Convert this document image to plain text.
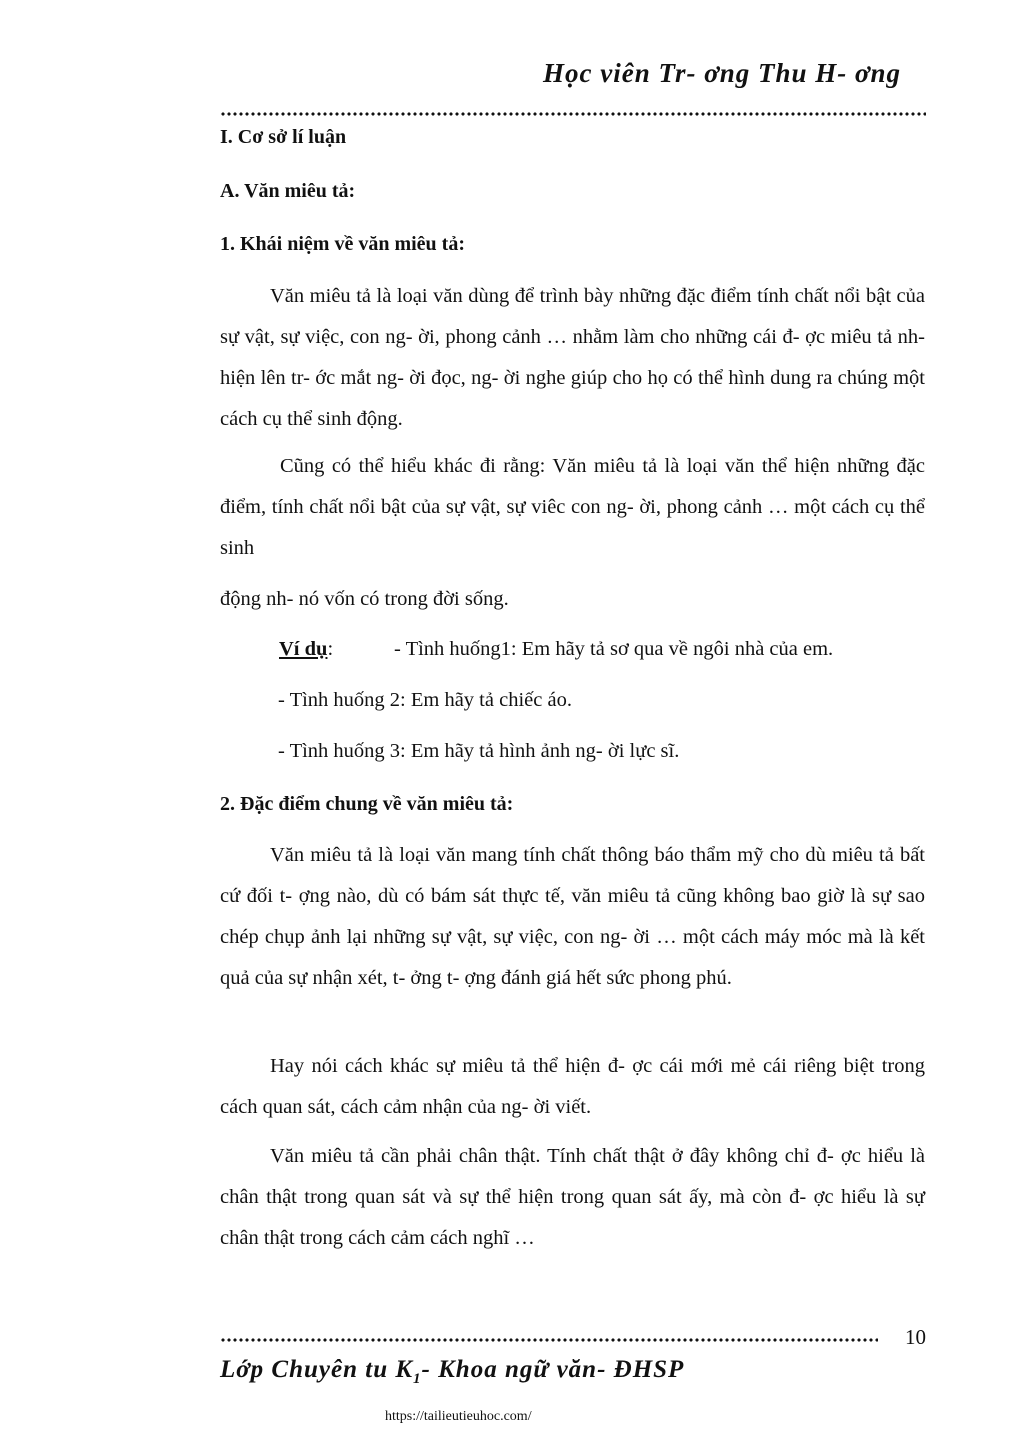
Học viên Tr- ơng Thu H- ơng
I. Cơ sở lí luận
A. Văn miêu tả:
1. Khái niệm về văn miêu tả:

Văn miêu tả là loại văn dùng để trình bày những đặc điểm tính chất nổi bật của sự vật, sự việc, con ng- ời, phong cảnh … nhằm làm cho những cái đ- ợc miêu tả nh- hiện lên tr- ớc mắt ng- ời đọc, ng- ời nghe giúp cho họ có thể hình dung ra chúng một cách cụ thể sinh động.

Cũng có thể hiểu khác đi rằng: Văn miêu tả là loại văn thể hiện những đặc điểm, tính chất nổi bật của sự vật, sự viêc con ng- ời, phong cảnh … một cách cụ thể sinh

động nh- nó vốn có trong đời sống.
Ví dụ:	- Tình huống1: Em hãy tả sơ qua về ngôi nhà của em.
- Tình huống 2: Em hãy tả chiếc áo.
- Tình huống 3: Em hãy tả hình ảnh ng- ời lực sĩ.
2. Đặc điểm chung về văn miêu tả:

Văn miêu tả là loại văn mang tính chất thông báo thẩm mỹ cho dù miêu tả bất cứ đối t- ợng nào, dù có bám sát thực tế, văn miêu tả cũng không bao giờ là sự sao chép chụp ảnh lại những sự vật, sự việc, con ng- ời … một cách máy móc mà là kết quả của sự nhận xét, t- ởng t- ợng đánh giá hết sức phong phú.

Hay nói cách khác sự miêu tả thể hiện đ- ợc cái mới mẻ cái riêng biệt trong cách quan sát, cách cảm nhận của ng- ời viết.

Văn miêu tả cần phải chân thật. Tính chất thật ở đây không chỉ đ- ợc hiểu là chân thật trong quan sát và sự thể hiện trong quan sát ấy, mà còn đ- ợc hiểu là sự chân thật trong cách cảm cách nghĩ …

10
Lớp Chuyên tu $K_1-$ Khoa ngữ văn- ĐHSP
https://tailieutieuhoc.com/
